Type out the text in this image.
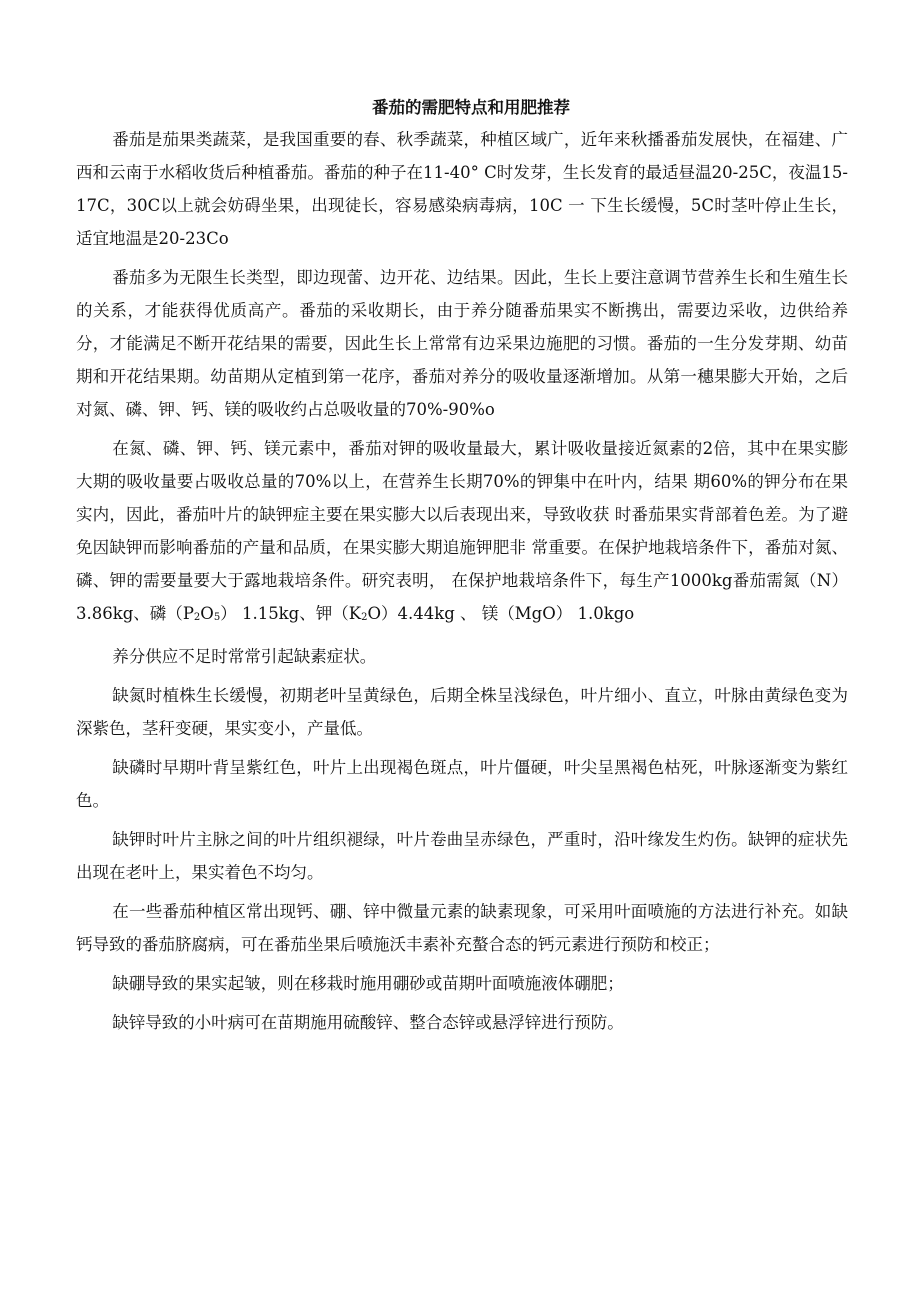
番茄的需肥特点和用肥推荐

番茄是茄果类蔬菜，是我国重要的春、秋季蔬菜，种植区域广，近年来秋播番茄发展快，在福建、广西和云南于水稻收货后种植番茄。番茄的种子在11-40° C时发芽，生长发育的最适昼温20-25C，夜温15-17C，30C以上就会妨碍坐果，出现徒长，容易感染病毒病，10C 一 下生长缓慢，5C时茎叶停止生长，适宜地温是20-23Co

番茄多为无限生长类型，即边现蕾、边开花、边结果。因此，生长上要注意调节营养生长和生殖生长的关系，才能获得优质高产。番茄的采收期长，由于养分随番茄果实不断携出，需要边采收，边供给养分，才能满足不断开花结果的需要，因此生长上常常有边采果边施肥的习惯。番茄的一生分发芽期、幼苗期和开花结果期。幼苗期从定植到第一花序，番茄对养分的吸收量逐渐增加。从第一穗果膨大开始，之后对氮、磷、钾、钙、镁的吸收约占总吸收量的70%-90%o

在氮、磷、钾、钙、镁元素中，番茄对钾的吸收量最大，累计吸收量接近氮素的2倍，其中在果实膨大期的吸收量要占吸收总量的70%以上，在营养生长期70%的钾集中在叶内，结果 期60%的钾分布在果实内，因此，番茄叶片的缺钾症主要在果实膨大以后表现出来，导致收获 时番茄果实背部着色差。为了避免因缺钾而影响番茄的产量和品质，在果实膨大期追施钾肥非 常重要。在保护地栽培条件下，番茄对氮、磷、钾的需要量要大于露地栽培条件。研究表明， 在保护地栽培条件下，每生产1000kg番茄需氮（N） 3.86kg、磷（P2O5） 1.15kg、钾（K2O）4.44kg 、 镁（MgO） 1.0kgo

养分供应不足时常常引起缺素症状。

缺氮时植株生长缓慢，初期老叶呈黄绿色，后期全株呈浅绿色，叶片细小、直立，叶脉由黄绿色变为深紫色，茎秆变硬，果实变小，产量低。

缺磷时早期叶背呈紫红色，叶片上出现褐色斑点，叶片僵硬，叶尖呈黑褐色枯死，叶脉逐渐变为紫红色。

缺钾时叶片主脉之间的叶片组织褪绿，叶片卷曲呈赤绿色，严重时，沿叶缘发生灼伤。缺钾的症状先出现在老叶上，果实着色不均匀。

在一些番茄种植区常出现钙、硼、锌中微量元素的缺素现象，可采用叶面喷施的方法进行补充。如缺钙导致的番茄脐腐病，可在番茄坐果后喷施沃丰素补充螯合态的钙元素进行预防和校正；

缺硼导致的果实起皱，则在移栽时施用硼砂或苗期叶面喷施液体硼肥；

缺锌导致的小叶病可在苗期施用硫酸锌、整合态锌或悬浮锌进行预防。
